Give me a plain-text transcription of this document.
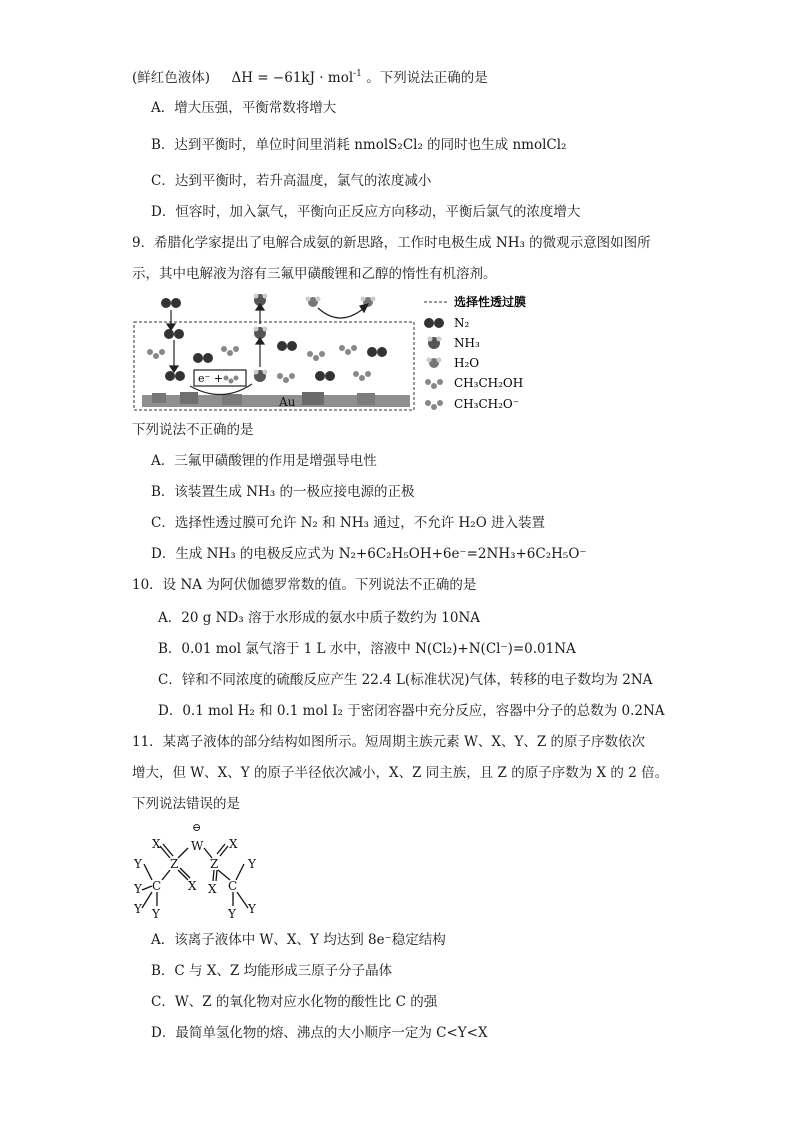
(鲜红色液体) ΔH = −61kJ · mol$^{-1}$ 。下列说法正确的是
A．增大压强，平衡常数将增大
B．达到平衡时，单位时间里消耗 nmolS₂Cl₂ 的同时也生成 nmolCl₂
C．达到平衡时，若升高温度，氯气的浓度减小
D．恒容时，加入氯气，平衡向正反应方向移动，平衡后氯气的浓度增大
9．希腊化学家提出了电解合成氨的新思路，工作时电极生成 NH₃ 的微观示意图如图所
示，其中电解液为溶有三氟甲磺酸锂和乙醇的惰性有机溶剂。
Au
e⁻ +
选择性透过膜
N₂
NH₃
H₂O
CH₃CH₂OH
CH₃CH₂O⁻
下列说法不正确的是
A．三氟甲磺酸锂的作用是增强导电性
B．该装置生成 NH₃ 的一极应接电源的正极
C．选择性透过膜可允许 N₂ 和 NH₃ 通过，不允许 H₂O 进入装置
D．生成 NH₃ 的电极反应式为 N₂+6C₂H₅OH+6e⁻=2NH₃+6C₂H₅O⁻
10．设 NA 为阿伏伽德罗常数的值。下列说法不正确的是
A．20 g ND₃ 溶于水形成的氨水中质子数约为 10NA
B．0.01 mol 氯气溶于 1 L 水中，溶液中 N(Cl₂)+N(Cl⁻)=0.01NA
C．锌和不同浓度的硫酸反应产生 22.4 L(标准状况)气体，转移的电子数均为 2NA
D．0.1 mol H₂ 和 0.1 mol I₂ 于密闭容器中充分反应，容器中分子的总数为 0.2NA
11．某离子液体的部分结构如图所示。短周期主族元素 W、X、Y、Z 的原子序数依次
增大，但 W、X、Y 的原子半径依次减小，X、Z 同主族，且 Z 的原子序数为 X 的 2 倍。
下列说法错误的是
⊖
W
X	X
Z	Z
Y	Y
X X
C	C
Y
Y
Y Y	Y
A．该离子液体中 W、X、Y 均达到 8e⁻稳定结构
B．C 与 X、Z 均能形成三原子分子晶体
C．W、Z 的氧化物对应水化物的酸性比 C 的强
D．最简单氢化物的熔、沸点的大小顺序一定为 C<Y<X
